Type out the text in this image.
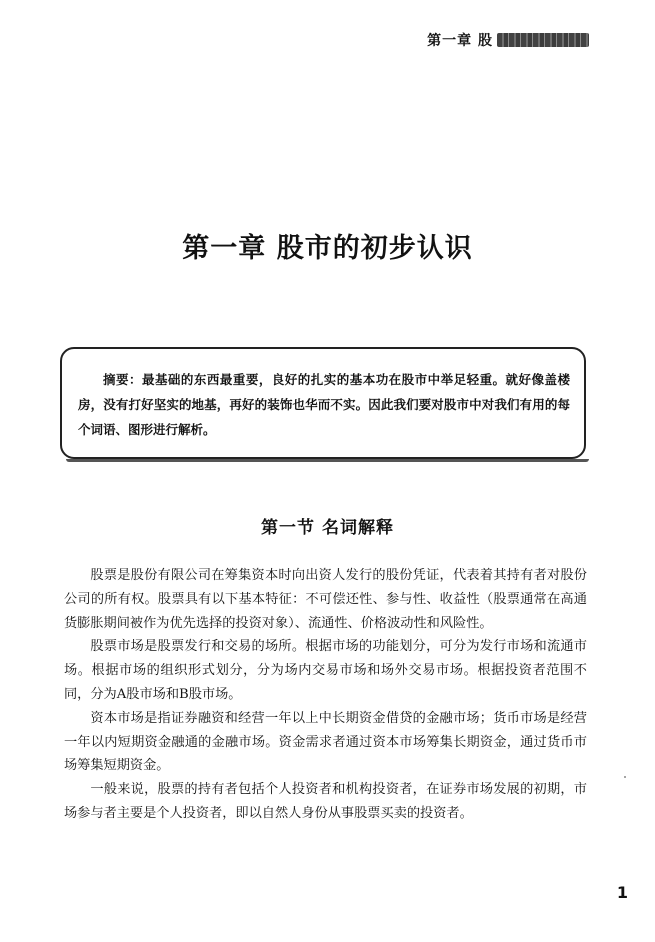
第一章 股
第一章 股市的初步认识

摘要：最基础的东西最重要，良好的扎实的基本功在股市中举足轻重。就好像盖楼房，没有打好坚实的地基，再好的装饰也华而不实。因此我们要对股市中对我们有用的每个词语、图形进行解析。

第一节 名词解释

股票是股份有限公司在筹集资本时向出资人发行的股份凭证，代表着其持有者对股份公司的所有权。股票具有以下基本特征：不可偿还性、参与性、收益性（股票通常在高通货膨胀期间被作为优先选择的投资对象）、流通性、价格波动性和风险性。

股票市场是股票发行和交易的场所。根据市场的功能划分，可分为发行市场和流通市场。根据市场的组织形式划分，分为场内交易市场和场外交易市场。根据投资者范围不同，分为A股市场和B股市场。

资本市场是指证券融资和经营一年以上中长期资金借贷的金融市场；货币市场是经营一年以内短期资金融通的金融市场。资金需求者通过资本市场筹集长期资金，通过货币市场筹集短期资金。

一般来说，股票的持有者包括个人投资者和机构投资者，在证券市场发展的初期，市场参与者主要是个人投资者，即以自然人身份从事股票买卖的投资者。

1
